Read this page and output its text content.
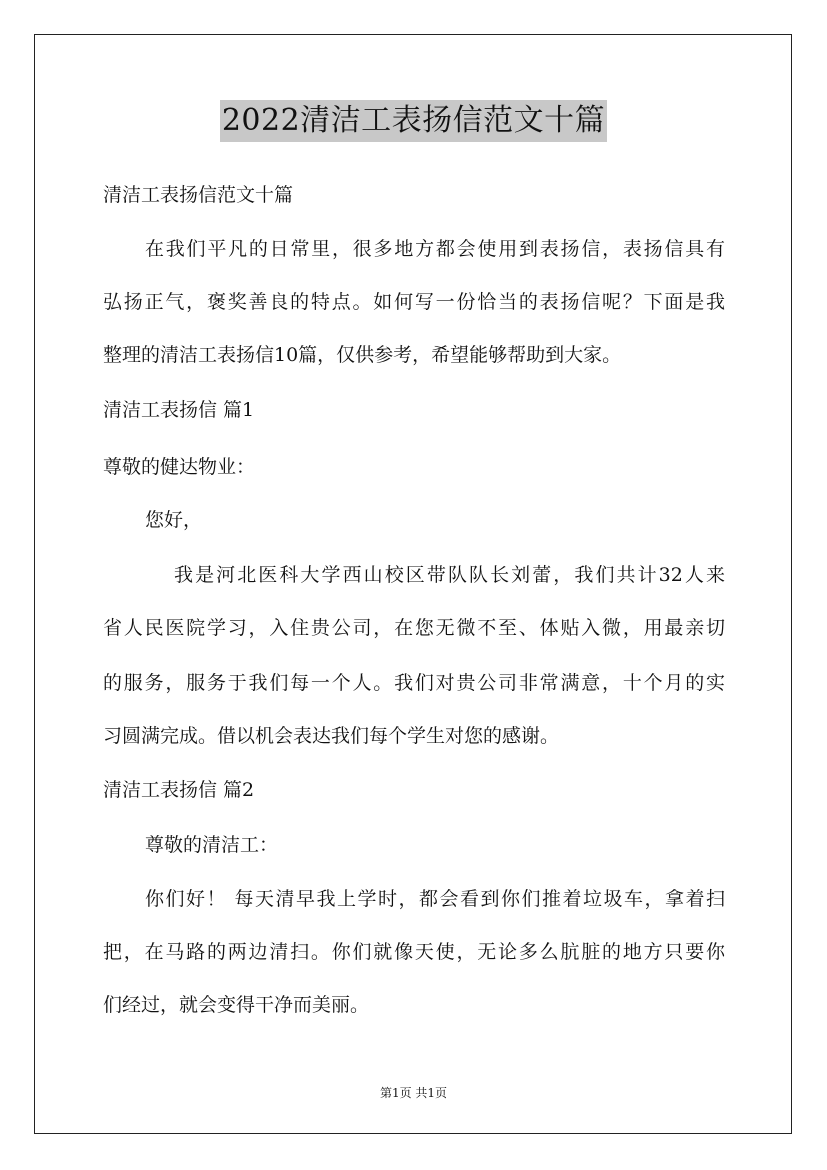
2022清洁工表扬信范文十篇
清洁工表扬信范文十篇
在我们平凡的日常里，很多地方都会使用到表扬信，表扬信具有
弘扬正气，褒奖善良的特点。如何写一份恰当的表扬信呢？下面是我
整理的清洁工表扬信10篇，仅供参考，希望能够帮助到大家。
清洁工表扬信 篇1
尊敬的健达物业：
您好，
我是河北医科大学西山校区带队队长刘蕾，我们共计32人来
省人民医院学习，入住贵公司，在您无微不至、体贴入微，用最亲切
的服务，服务于我们每一个人。我们对贵公司非常满意，十个月的实
习圆满完成。借以机会表达我们每个学生对您的感谢。
清洁工表扬信 篇2
尊敬的清洁工：
你们好！ 每天清早我上学时，都会看到你们推着垃圾车，拿着扫
把，在马路的两边清扫。你们就像天使，无论多么肮脏的地方只要你
们经过，就会变得干净而美丽。
第1页 共1页
